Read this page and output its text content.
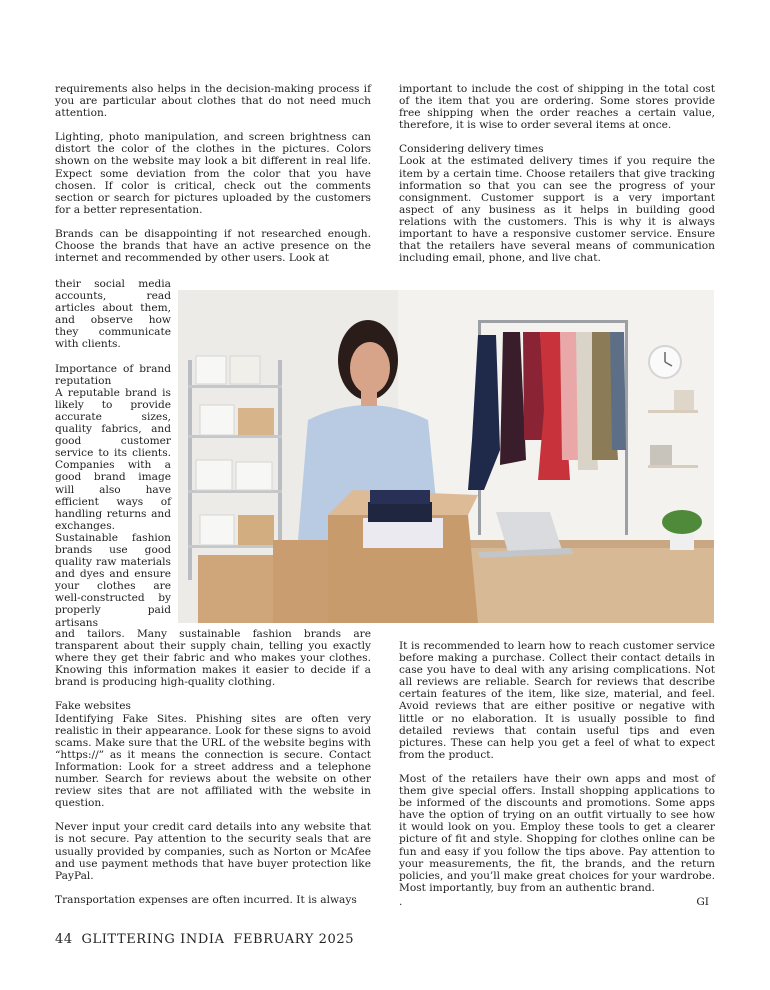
requirements also helps in the decision-making process if you are particular about clothes that do not need much attention.

Lighting, photo manipulation, and screen brightness can distort the color of the clothes in the pictures. Colors shown on the website may look a bit different in real life. Expect some deviation from the color that you have chosen. If color is critical, check out the comments section or search for pictures uploaded by the customers for a better representation.

Brands can be disappointing if not researched enough. Choose the brands that have an active presence on the internet and recommended by other users. Look at

their social media accounts, read articles about them, and observe how they communicate with clients.

Importance of brand reputation

A reputable brand is likely to provide accurate sizes, quality fabrics, and good customer service to its clients. Companies with a good brand image will also have efficient ways of handling returns and exchanges. Sustainable fashion brands use good quality raw materials and dyes and ensure your clothes are well-constructed by properly paid artisans

and tailors. Many sustainable fashion brands are transparent about their supply chain, telling you exactly where they get their fabric and who makes your clothes. Knowing this information makes it easier to decide if a brand is producing high-quality clothing.

Fake websites

Identifying Fake Sites. Phishing sites are often very realistic in their appearance. Look for these signs to avoid scams. Make sure that the URL of the website begins with “https://” as it means the connection is secure. Contact Information: Look for a street address and a telephone number. Search for reviews about the website on other review sites that are not affiliated with the website in question.

Never input your credit card details into any website that is not secure. Pay attention to the security seals that are usually provided by companies, such as Norton or McAfee and use payment methods that have buyer protection like PayPal.

Transportation expenses are often incurred. It is always

important to include the cost of shipping in the total cost of the item that you are ordering. Some stores provide free shipping when the order reaches a certain value, therefore, it is wise to order several items at once.

Considering delivery times

Look at the estimated delivery times if you require the item by a certain time. Choose retailers that give tracking information so that you can see the progress of your consignment. Customer support is a very important aspect of any business as it helps in building good relations with the customers. This is why it is always important to have a responsive customer service. Ensure that the retailers have several means of communication including email, phone, and live chat.

It is recommended to learn how to reach customer service before making a purchase. Collect their contact details in case you have to deal with any arising complications. Not all reviews are reliable. Search for reviews that describe certain features of the item, like size, material, and feel. Avoid reviews that are either positive or negative with little or no elaboration. It is usually possible to find detailed reviews that contain useful tips and even pictures. These can help you get a feel of what to expect from the product.

Most of the retailers have their own apps and most of them give special offers. Install shopping applications to be informed of the discounts and promotions. Some apps have the option of trying on an outfit virtually to see how it would look on you. Employ these tools to get a clearer picture of fit and style. Shopping for clothes online can be fun and easy if you follow the tips above. Pay attention to your measurements, the fit, the brands, and the return policies, and you’ll make great choices for your wardrobe. Most importantly, buy from an authentic brand.

.	GI
44 GLITTERING INDIA FEBRUARY 2025
